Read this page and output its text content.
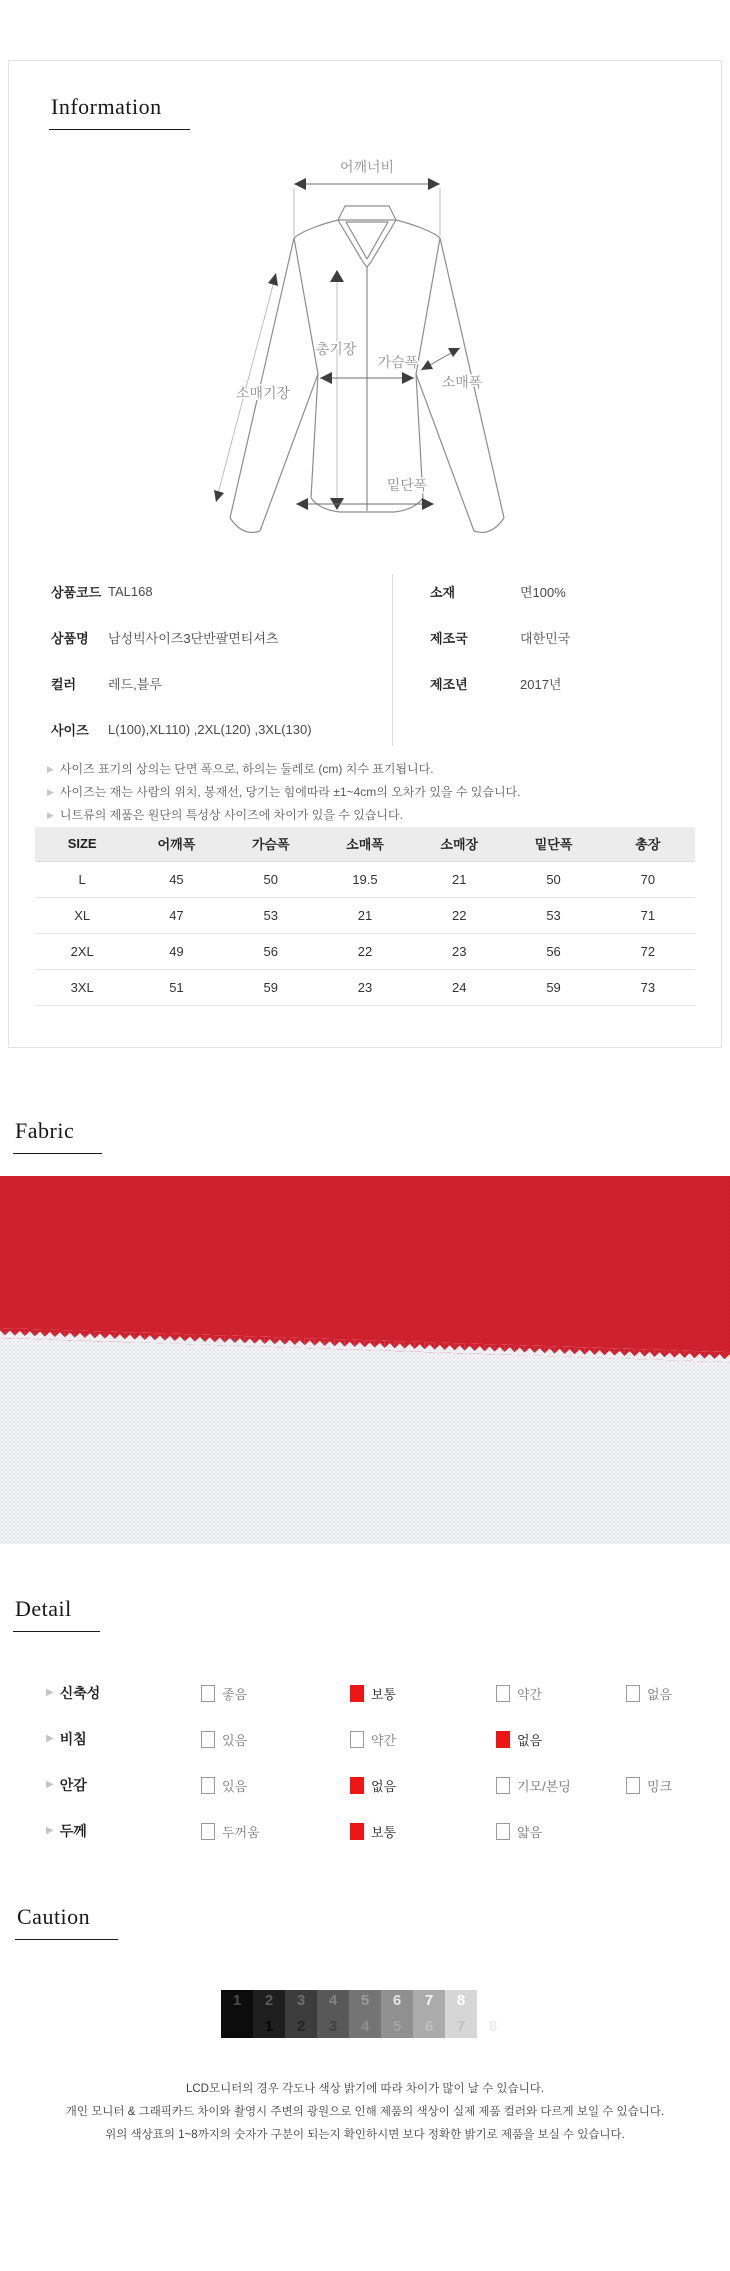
Information
어깨너비
총기장
가슴폭
소매폭
소매기장
밑단폭
상품코드 TAL168
상품명	남성빅사이즈3단반팔면티셔츠
컬러	레드,블루
사이즈	L(100),XL110) ,2XL(120) ,3XL(130)
소재	면100%
제조국	대한민국
제조년	2017년
▶ 사이즈 표기의 상의는 단면 폭으로, 하의는 둘레로 (cm) 치수 표기됩니다.
▶ 사이즈는 재는 사람의 위치, 봉재선, 당기는 힘에따라 ±1~4cm의 오차가 있을 수 있습니다.
▶ 니트류의 제품은 원단의 특성상 사이즈에 차이가 있을 수 있습니다.
SIZE	어깨폭	가슴폭	소매폭	소매장	밑단폭	총장
L	45	50	19.5	21	50	70
XL	47	53	21	22	53	71
2XL	49	56	22	23	56	72
3XL	51	59	23	24	59	73
Fabric
Detail
▶ 신축성	좋음	보통	약간	없음
▶ 비침	있음	약간	없음
▶ 안감	있음	없음	기모/본딩	밍크
▶ 두께	두꺼움	보통	얇음
Caution
1	2
1
3
2
4
3
5
4
6
5
7
6
8
7	8

LCD모니터의 경우 각도나 색상 밝기에 따라 차이가 많이 날 수 있습니다.

개인 모니터 & 그래픽카드 차이와 촬영시 주변의 광원으로 인해 제품의 색상이 실제 제품 컬러와 다르게 보일 수 있습니다.

위의 색상표의 1~8까지의 숫자가 구분이 되는지 확인하시면 보다 정확한 밝기로 제품을 보실 수 있습니다.
